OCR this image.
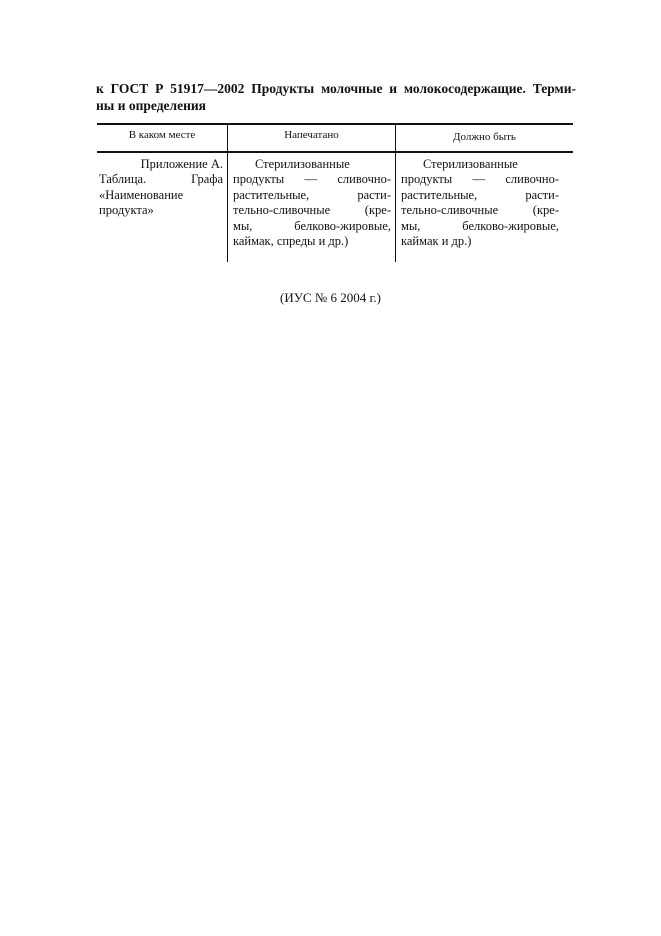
к ГОСТ Р 51917—2002 Продукты молочные и молокосодержащие. Терми-
ны и определения
В каком месте	Напечатано	Должно быть
Приложение А.
Таблица. Графа
«Наименование
продукта»
Стерилизованные
продукты — сливочно-
растительные, расти-
тельно-сливочные (кре-
мы, белково-жировые,
каймак, спреды и др.)
Стерилизованные
продукты — сливочно-
растительные, расти-
тельно-сливочные (кре-
мы, белково-жировые,
каймак и др.)
(ИУС № 6 2004 г.)
